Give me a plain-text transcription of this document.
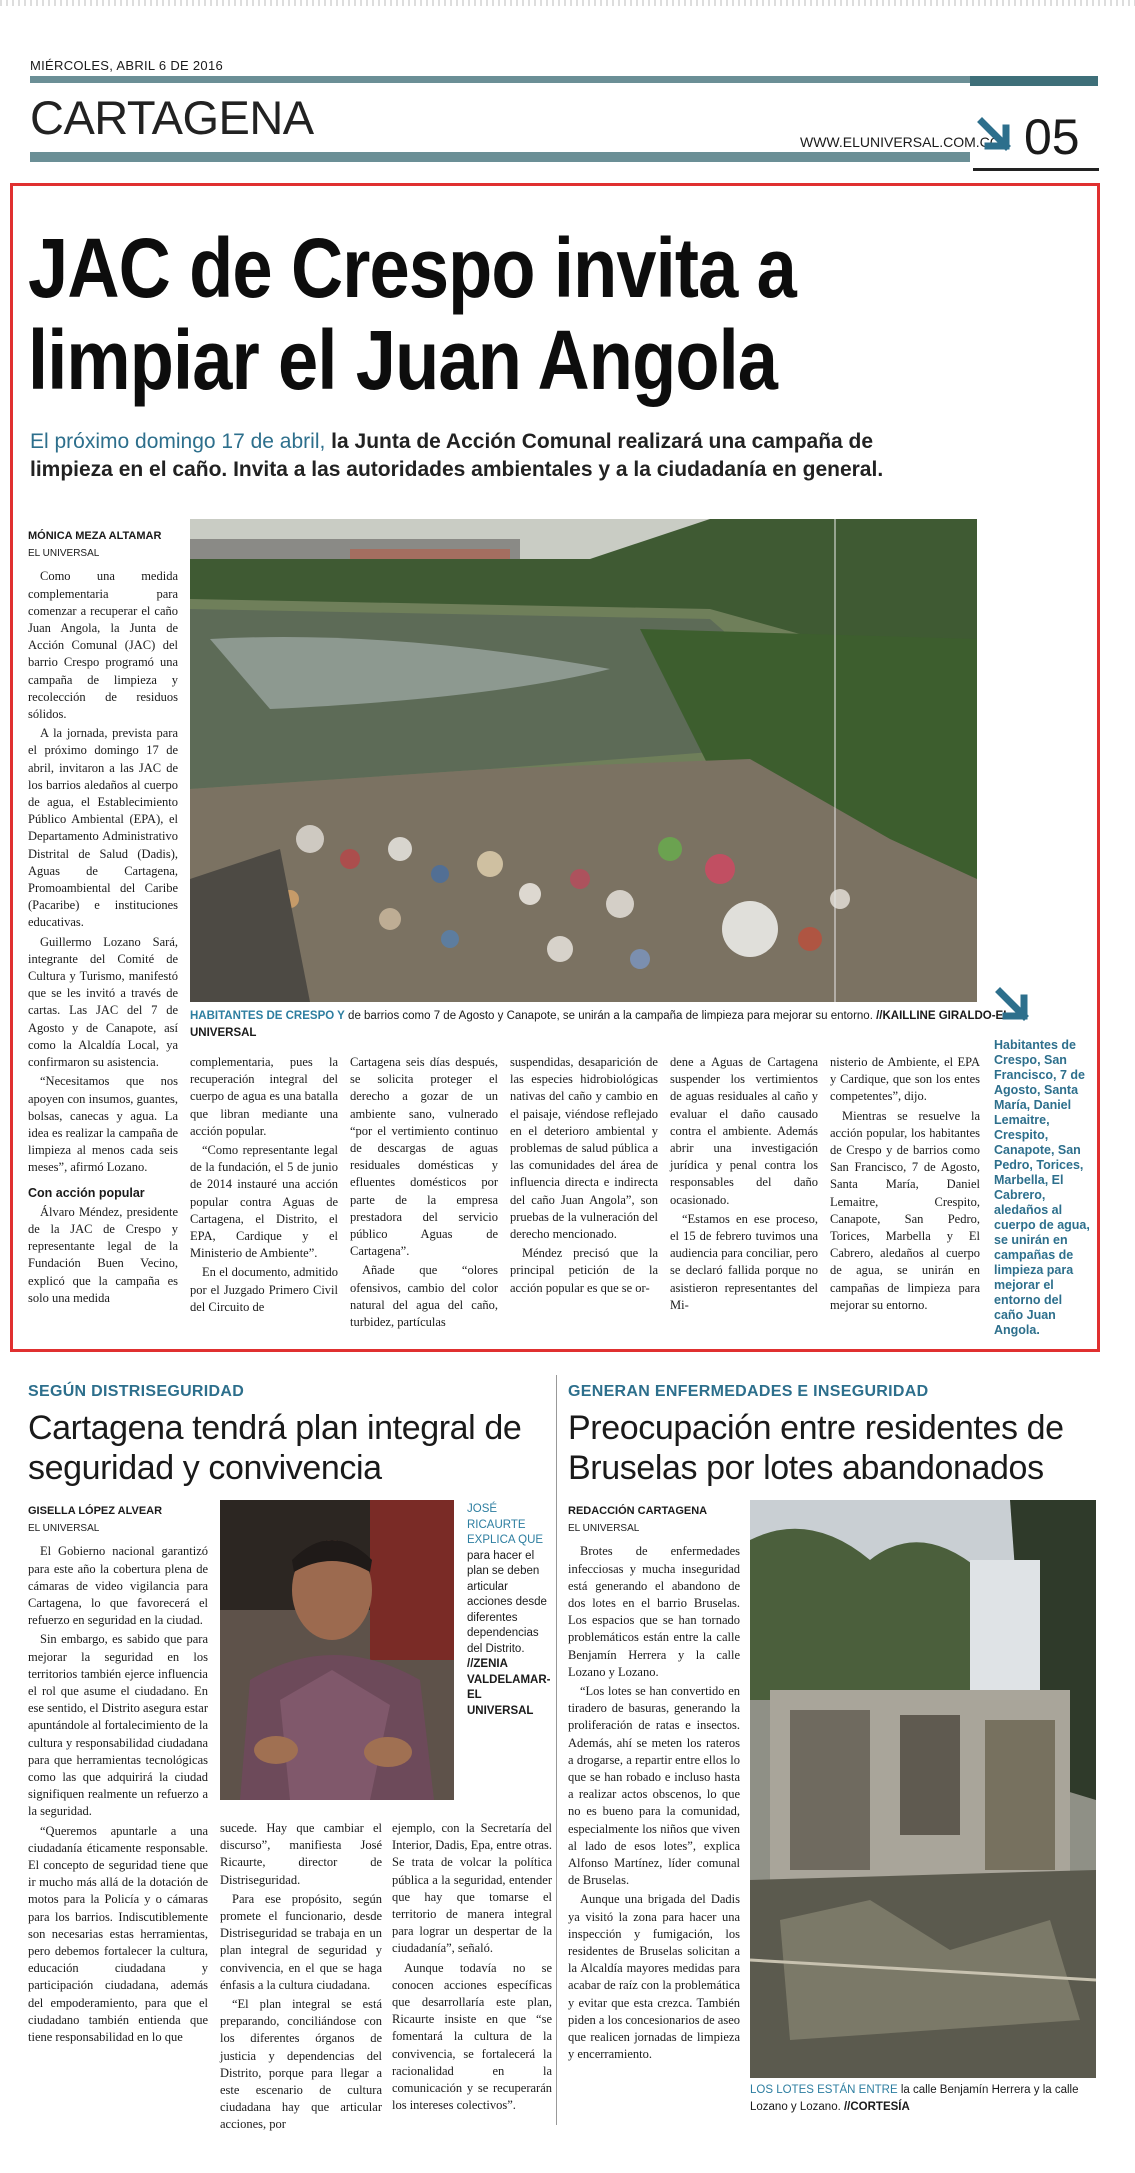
MIÉRCOLES, ABRIL 6 DE 2016
CARTAGENA	WWW.ELUNIVERSAL.COM.CO 05
JAC de Crespo invita a
limpiar el Juan Angola
El próximo domingo 17 de abril, la Junta de Acción Comunal realizará una campaña de limpieza en el caño. Invita a las autoridades ambientales y a la ciudadanía en general.
MÓNICA MEZA ALTAMAR
EL UNIVERSAL

Como una medida complementaria para comenzar a recuperar el caño Juan Angola, la Junta de Acción Comunal (JAC) del barrio Crespo programó una campaña de limpieza y recolección de residuos sólidos.

A la jornada, prevista para el próximo domingo 17 de abril, invitaron a las JAC de los barrios aledaños al cuerpo de agua, el Establecimiento Público Ambiental (EPA), el Departamento Administrativo Distrital de Salud (Dadis), Aguas de Cartagena, Promoambiental del Caribe (Pacaribe) e instituciones educativas.

Guillermo Lozano Sará, integrante del Comité de Cultura y Turismo, manifestó que se les invitó a través de cartas. Las JAC del 7 de Agosto y de Canapote, así como la Alcaldía Local, ya confirmaron su asistencia.

“Necesitamos que nos apoyen con insumos, guantes, bolsas, canecas y agua. La idea es realizar la campaña de limpieza al menos cada seis meses”, afirmó Lozano.

Con acción popular

Álvaro Méndez, presidente de la JAC de Crespo y representante legal de la Fundación Buen Vecino, explicó que la campaña es solo una medida

HABITANTES DE CRESPO Y de barrios como 7 de Agosto y Canapote, se unirán a la campaña de limpieza para mejorar su entorno. //KAILLINE GIRALDO-EL UNIVERSAL

complementaria, pues la recuperación integral del cuerpo de agua es una batalla que libran mediante una acción popular.

“Como representante legal de la fundación, el 5 de junio de 2014 instauré una acción popular contra Aguas de Cartagena, el Distrito, el EPA, Cardique y el Ministerio de Ambiente”.

En el documento, admitido por el Juzgado Primero Civil del Circuito de

Cartagena seis días después, se solicita proteger el derecho a gozar de un ambiente sano, vulnerado “por el vertimiento continuo de descargas de aguas residuales domésticas y efluentes domésticos por parte de la empresa prestadora del servicio público Aguas de Cartagena”.

Añade que “olores ofensivos, cambio del color natural del agua del caño, turbidez, partículas

suspendidas, desaparición de las especies hidrobiológicas nativas del caño y cambio en el paisaje, viéndose reflejado en el deterioro ambiental y problemas de salud pública a las comunidades del área de influencia directa e indirecta del caño Juan Angola”, son pruebas de la vulneración del derecho mencionado.

Méndez precisó que la principal petición de la acción popular es que se or-

dene a Aguas de Cartagena suspender los vertimientos de aguas residuales al caño y evaluar el daño causado contra el ambiente. Además abrir una investigación jurídica y penal contra los responsables del daño ocasionado.

“Estamos en ese proceso, el 15 de febrero tuvimos una audiencia para conciliar, pero se declaró fallida porque no asistieron representantes del Mi-

nisterio de Ambiente, el EPA y Cardique, que son los entes competentes”, dijo.

Mientras se resuelve la acción popular, los habitantes de Crespo y de barrios como San Francisco, 7 de Agosto, Santa María, Daniel Lemaitre, Crespito, Canapote, San Pedro, Torices, Marbella y El Cabrero, aledaños al cuerpo de agua, se unirán en campañas de limpieza para mejorar su entorno.

Habitantes de Crespo, San Francisco, 7 de Agosto, Santa María, Daniel Lemaitre, Crespito, Canapote, San Pedro, Torices, Marbella, El Cabrero, aledaños al cuerpo de agua, se unirán en campañas de limpieza para mejorar el entorno del caño Juan Angola.
SEGÚN DISTRISEGURIDAD
Cartagena tendrá plan integral de seguridad y convivencia
GISELLA LÓPEZ ALVEAR
EL UNIVERSAL

El Gobierno nacional garantizó para este año la cobertura plena de cámaras de video vigilancia para Cartagena, lo que favorecerá el refuerzo en seguridad en la ciudad.

Sin embargo, es sabido que para mejorar la seguridad en los territorios también ejerce influencia el rol que asume el ciudadano. En ese sentido, el Distrito asegura estar apuntándole al fortalecimiento de la cultura y responsabilidad ciudadana para que herramientas tecnológicas como las que adquirirá la ciudad signifiquen realmente un refuerzo a la seguridad.

“Queremos apuntarle a una ciudadanía éticamente responsable. El concepto de seguridad tiene que ir mucho más allá de la dotación de motos para la Policía y o cámaras para los barrios. Indiscutiblemente son necesarias estas herramientas, pero debemos fortalecer la cultura, educación ciudadana y participación ciudadana, además del empoderamiento, para que el ciudadano también entienda que tiene responsabilidad en lo que

JOSÉ RICAURTE EXPLICA QUE para hacer el plan se deben articular acciones desde diferentes dependencias del Distrito. //ZENIA VALDELAMAR-EL UNIVERSAL

sucede. Hay que cambiar el discurso”, manifiesta José Ricaurte, director de Distriseguridad.

Para ese propósito, según promete el funcionario, desde Distriseguridad se trabaja en un plan integral de seguridad y convivencia, en el que se haga énfasis a la cultura ciudadana.

“El plan integral se está preparando, conciliándose con los diferentes órganos de justicia y dependencias del Distrito, porque para llegar a este escenario de cultura ciudadana hay que articular acciones, por

ejemplo, con la Secretaría del Interior, Dadis, Epa, entre otras. Se trata de volcar la política pública a la seguridad, entender que hay que tomarse el territorio de manera integral para lograr un despertar de la ciudadanía”, señaló.

Aunque todavía no se conocen acciones específicas que desarrollaría este plan, Ricaurte insiste en que “se fomentará la cultura de la convivencia, se fortalecerá la racionalidad en la comunicación y se recuperarán los intereses colectivos”.

GENERAN ENFERMEDADES E INSEGURIDAD
Preocupación entre residentes de Bruselas por lotes abandonados
REDACCIÓN CARTAGENA
EL UNIVERSAL

Brotes de enfermedades infecciosas y mucha inseguridad está generando el abandono de dos lotes en el barrio Bruselas. Los espacios que se han tornado problemáticos están entre la calle Benjamín Herrera y la calle Lozano y Lozano.

“Los lotes se han convertido en tiradero de basuras, generando la proliferación de ratas e insectos. Además, ahí se meten los rateros a drogarse, a repartir entre ellos lo que se han robado e incluso hasta a realizar actos obscenos, lo que no es bueno para la comunidad, especialmente los niños que viven al lado de esos lotes”, explica Alfonso Martínez, líder comunal de Bruselas.

Aunque una brigada del Dadis ya visitó la zona para hacer una inspección y fumigación, los residentes de Bruselas solicitan a la Alcaldía mayores medidas para acabar de raíz con la problemática y evitar que esta crezca. También piden a los concesionarios de aseo que realicen jornadas de limpieza y encerramiento.

LOS LOTES ESTÁN ENTRE la calle Benjamín Herrera y la calle Lozano y Lozano. //CORTESÍA
